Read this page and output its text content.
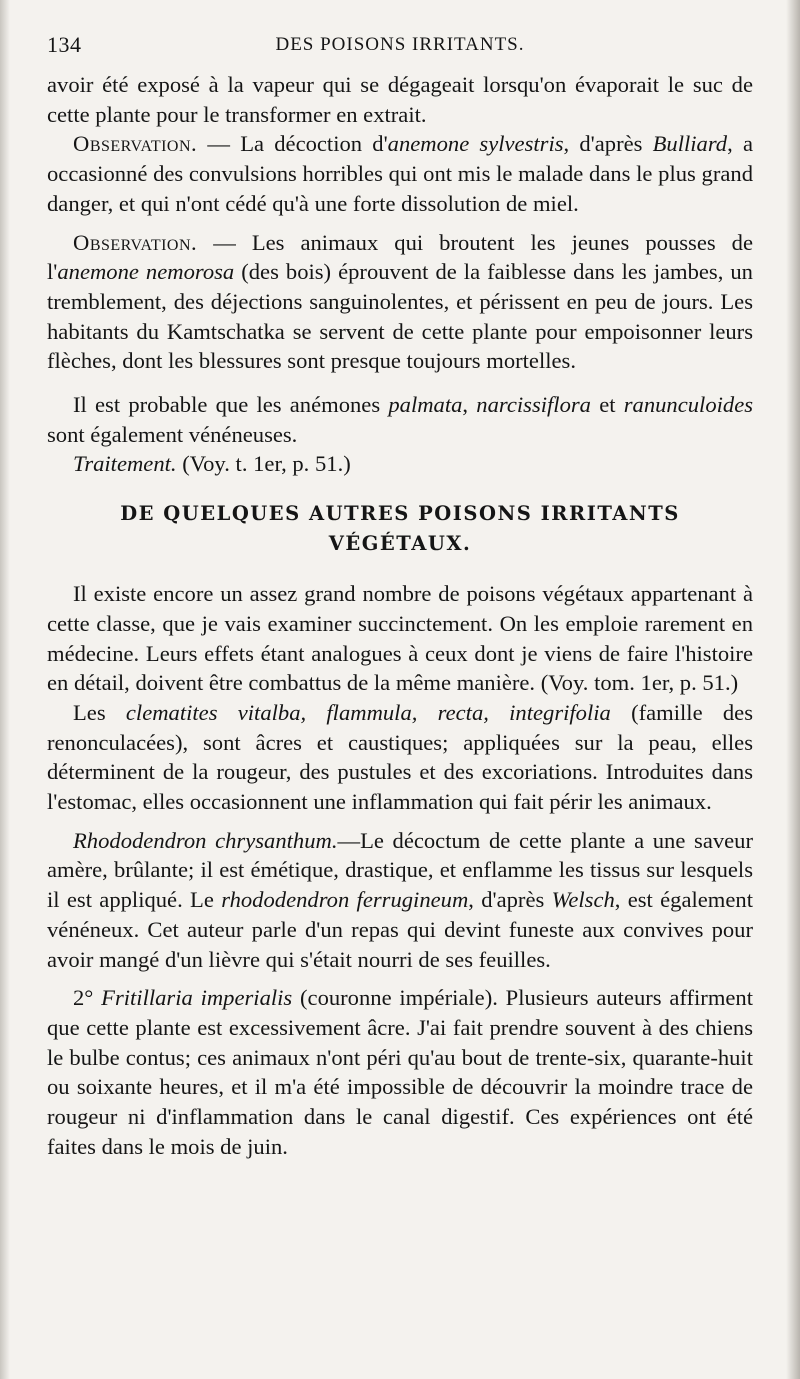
134	DES POISONS IRRITANTS.

avoir été exposé à la vapeur qui se dégageait lorsqu'on évaporait le suc de cette plante pour le transformer en extrait.

Observation. — La décoction d'anemone sylvestris, d'après Bulliard, a occasionné des convulsions horribles qui ont mis le malade dans le plus grand danger, et qui n'ont cédé qu'à une forte dissolution de miel.

Observation. — Les animaux qui broutent les jeunes pousses de l'anemone nemorosa (des bois) éprouvent de la faiblesse dans les jambes, un tremblement, des déjections sanguinolentes, et périssent en peu de jours. Les habitants du Kamtschatka se servent de cette plante pour empoisonner leurs flèches, dont les blessures sont presque toujours mortelles.

Il est probable que les anémones palmata, narcissiflora et ranunculoides sont également vénéneuses.

Traitement. (Voy. t. 1er, p. 51.)

DE QUELQUES AUTRES POISONS IRRITANTS
VÉGÉTAUX.

Il existe encore un assez grand nombre de poisons végétaux appartenant à cette classe, que je vais examiner succinctement. On les emploie rarement en médecine. Leurs effets étant analogues à ceux dont je viens de faire l'histoire en détail, doivent être combattus de la même manière. (Voy. tom. 1er, p. 51.)

Les clematites vitalba, flammula, recta, integrifolia (famille des renonculacées), sont âcres et caustiques; appliquées sur la peau, elles déterminent de la rougeur, des pustules et des excoriations. Introduites dans l'estomac, elles occasionnent une inflammation qui fait périr les animaux.

Rhododendron chrysanthum.—Le décoctum de cette plante a une saveur amère, brûlante; il est émétique, drastique, et enflamme les tissus sur lesquels il est appliqué. Le rhododendron ferrugineum, d'après Welsch, est également vénéneux. Cet auteur parle d'un repas qui devint funeste aux convives pour avoir mangé d'un lièvre qui s'était nourri de ses feuilles.

2° Fritillaria imperialis (couronne impériale). Plusieurs auteurs affirment que cette plante est excessivement âcre. J'ai fait prendre souvent à des chiens le bulbe contus; ces animaux n'ont péri qu'au bout de trente-six, quarante-huit ou soixante heures, et il m'a été impossible de découvrir la moindre trace de rougeur ni d'inflammation dans le canal digestif. Ces expériences ont été faites dans le mois de juin.
